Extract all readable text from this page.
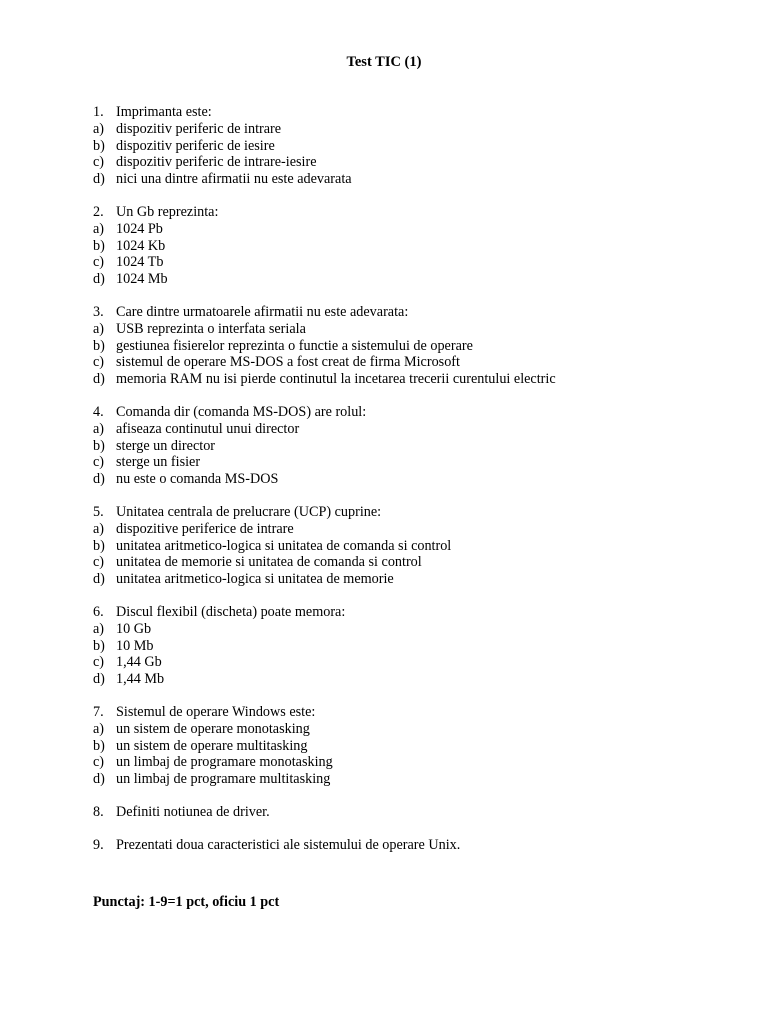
Test TIC (1)
1. Imprimanta este:
a) dispozitiv periferic de intrare
b) dispozitiv periferic de iesire
c) dispozitiv periferic de intrare-iesire
d) nici una dintre afirmatii nu este adevarata
2. Un Gb reprezinta:
a) 1024 Pb
b) 1024 Kb
c) 1024 Tb
d) 1024 Mb
3. Care dintre urmatoarele afirmatii nu este adevarata:
a) USB reprezinta o interfata seriala
b) gestiunea fisierelor reprezinta o functie a sistemului de operare
c) sistemul de operare MS-DOS a fost creat de firma Microsoft
d) memoria RAM nu isi pierde continutul la incetarea trecerii curentului electric
4. Comanda dir (comanda MS-DOS) are rolul:
a) afiseaza continutul unui director
b) sterge un director
c) sterge un fisier
d) nu este o comanda MS-DOS
5. Unitatea centrala de prelucrare (UCP) cuprine:
a) dispozitive periferice de intrare
b) unitatea aritmetico-logica si unitatea de comanda si control
c) unitatea de memorie si unitatea de comanda si control
d) unitatea aritmetico-logica si unitatea de memorie
6. Discul flexibil (discheta) poate memora:
a) 10 Gb
b) 10 Mb
c) 1,44 Gb
d) 1,44 Mb
7. Sistemul de operare Windows este:
a) un sistem de operare monotasking
b) un sistem de operare multitasking
c) un limbaj de programare monotasking
d) un limbaj de programare multitasking
8. Definiti notiunea de driver.
9. Prezentati doua caracteristici ale sistemului de operare Unix.
Punctaj: 1-9=1 pct, oficiu 1 pct
